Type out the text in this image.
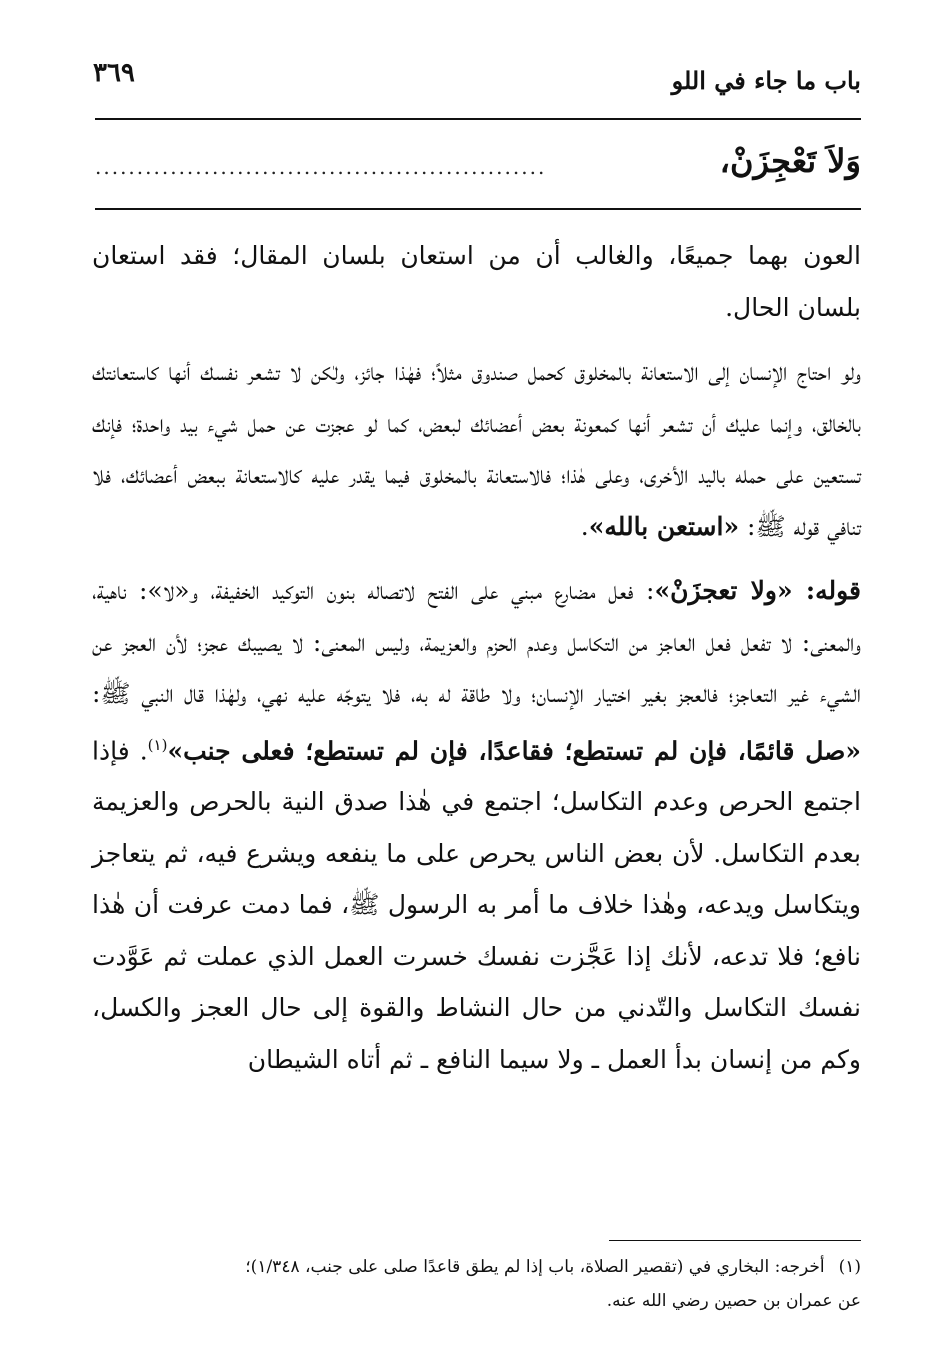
باب ما جاء في اللو
٣٦٩
وَلاَ تَعْجِزَنْ،
......................................................

العون بهما جميعًا، والغالب أن من استعان بلسان المقال؛ فقد استعان بلسان الحال.

ولو احتاج الإنسان إلى الاستعانة بالمخلوق كحمل صندوق مثلاً؛ فهٰذا جائز، ولٰكن لا تشعر نفسك أنها كاستعانتك بالخالق، وإنما عليك أن تشعر أنها كمعونة بعض أعضائك لبعض، كما لو عجزت عن حمل شيء بيد واحدة؛ فإنك تستعين على حمله باليد الأخرى، وعلى هٰذا؛ فالاستعانة بالمخلوق فيما يقدر عليه كالاستعانة ببعض أعضائك، فلا تنافي قوله ﷺ: «استعن بالله».

قوله: «ولا تعجزَنْ»: فعل مضارع مبني على الفتح لاتصاله بنون التوكيد الخفيفة، و«لا»: ناهية، والمعنى: لا تفعل فعل العاجز من التكاسل وعدم الحزم والعزيمة، وليس المعنى: لا يصيبك عجز؛ لأن العجز عن الشيء غير التعاجز؛ فالعجز بغير اختيار الإنسان؛ ولا طاقة له به، فلا يتوجّه عليه نهي، ولهٰذا قال النبي ﷺ: «صل قائمًا، فإن لم تستطع؛ فقاعدًا، فإن لم تستطع؛ فعلى جنب»$^{(١)}$. فإذا اجتمع الحرص وعدم التكاسل؛ اجتمع في هٰذا صدق النية بالحرص والعزيمة بعدم التكاسل. لأن بعض الناس يحرص على ما ينفعه ويشرع فيه، ثم يتعاجز ويتكاسل ويدعه، وهٰذا خلاف ما أمر به الرسول ﷺ، فما دمت عرفت أن هٰذا نافع؛ فلا تدعه، لأنك إذا عَجَّزت نفسك خسرت العمل الذي عملت ثم عَوَّدت نفسك التكاسل والتّدني من حال النشاط والقوة إلى حال العجز والكسل، وكم من إنسان بدأ العمل ـ ولا سيما النافع ـ ثم أتاه الشيطان

(١)أخرجه: البخاري في (تقصير الصلاة، باب إذا لم يطق قاعدًا صلى على جنب، ١/٣٤٨)؛

عن عمران بن حصين رضي الله عنه.
